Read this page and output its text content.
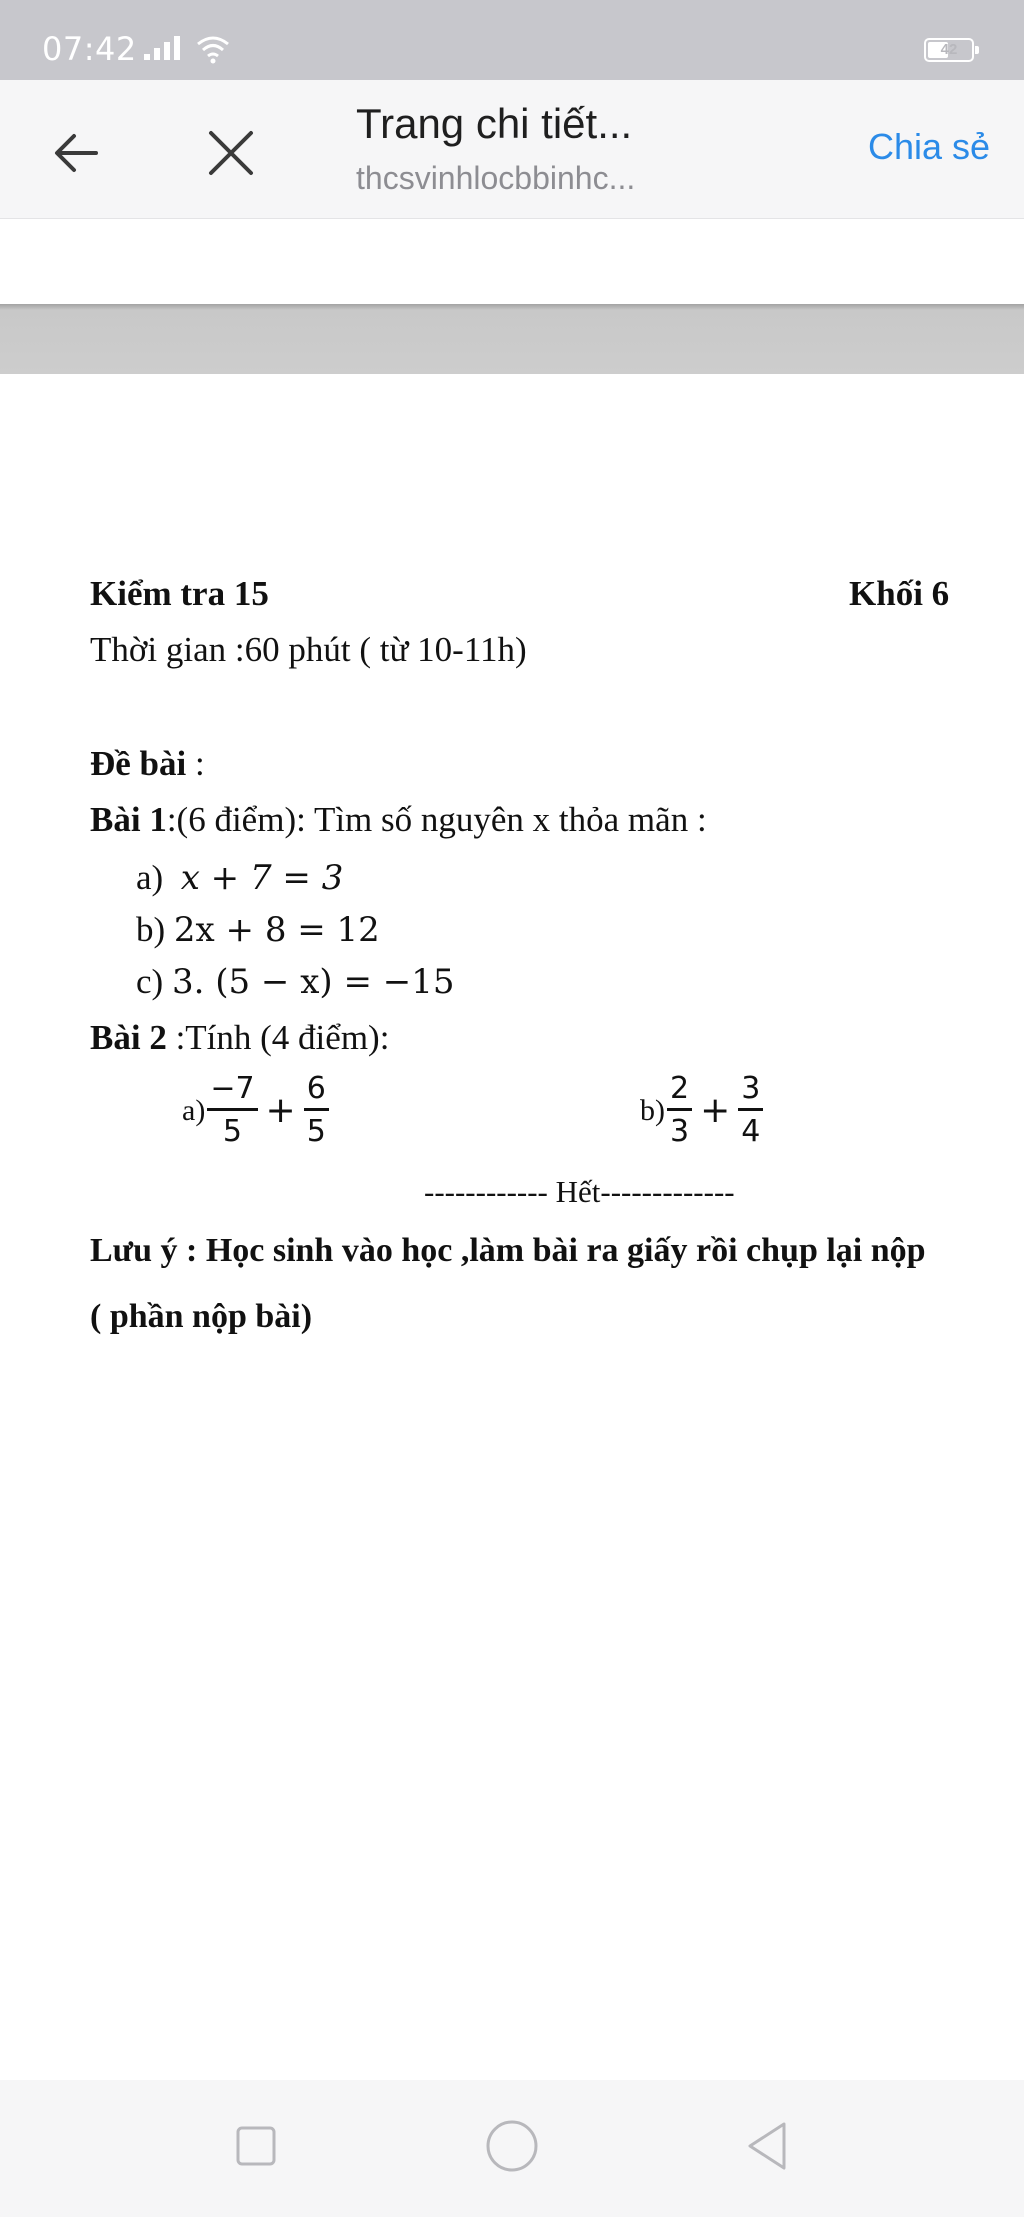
07:42	42
Trang chi tiết...
thcsvinhlocbbinhc...
Chia sẻ
Kiểm tra 15	Khối 6
Thời gian :60 phút ( từ 10-11h)
Đề bài :
Bài 1:(6 điểm): Tìm số nguyên x thỏa mãn :
a) x + 7 = 3
b) 2x + 8 = 12
c) 3. (5 − x) = −15
Bài 2 :Tính (4 điểm):
$a) \frac{-7}{5} + \frac{6}{5}$	$b) \frac{2}{3} + \frac{3}{4}$
------------ Hết-------------
Lưu ý : Học sinh vào học ,làm bài ra giấy rồi chụp lại nộp
( phần nộp bài)
